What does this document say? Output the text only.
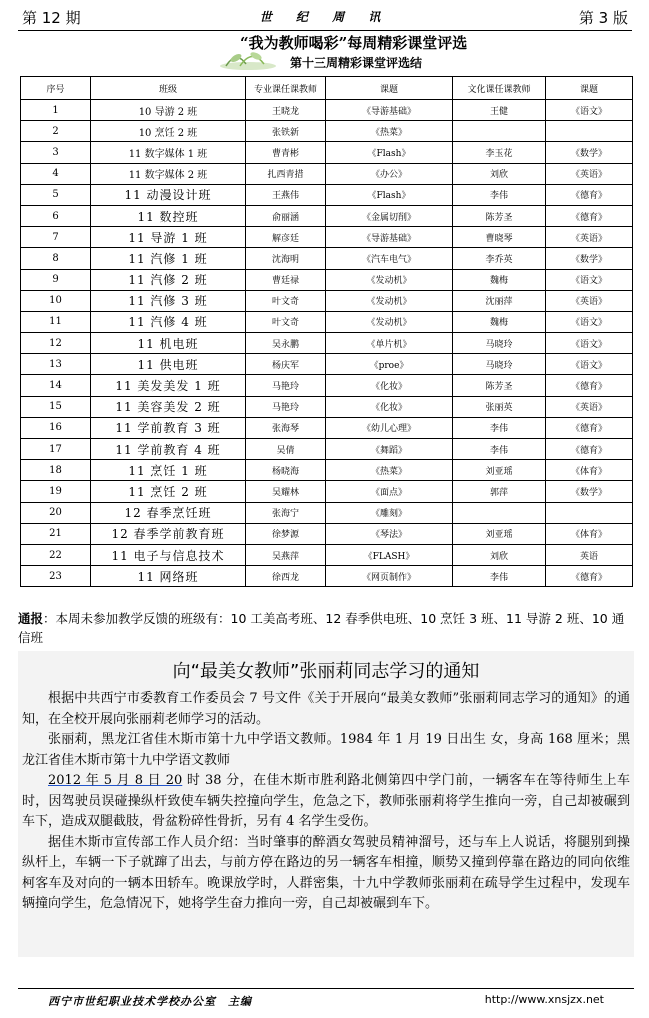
第 12 期	世 纪 周 讯	第 3 版
“我为教师喝彩”每周精彩课堂评选
第十三周精彩课堂评选结
序号	班级	专业课任课教师	课题	文化课任课教师	课题
1	10 导游 2 班	王晓龙	《导游基础》	王健	《语文》
2	10 烹饪 2 班	张铁新	《热菜》		
3	11 数字媒体 1 班	曹青彬	《Flash》	李玉花	《数学》
4	11 数字媒体 2 班	扎西青措	《办公》	刘欣	《英语》
5	11 动漫设计班	王燕伟	《Flash》	李伟	《德育》
6	11 数控班	俞丽涵	《金属切削》	陈芳圣	《德育》
7	11 导游 1 班	解彦廷	《导游基础》	曹晓琴	《英语》
8	11 汽修 1 班	沈海明	《汽车电气》	李乔英	《数学》
9	11 汽修 2 班	曹廷禄	《发动机》	魏梅	《语文》
10	11 汽修 3 班	叶文奇	《发动机》	沈丽萍	《英语》
11	11 汽修 4 班	叶文奇	《发动机》	魏梅	《语文》
12	11 机电班	吴永鹏	《单片机》	马晓玲	《语文》
13	11 供电班	杨庆军	《proe》	马晓玲	《语文》
14	11 美发美发 1 班	马艳玲	《化妆》	陈芳圣	《德育》
15	11 美容美发 2 班	马艳玲	《化妆》	张丽英	《英语》
16	11 学前教育 3 班	张海琴	《幼儿心理》	李伟	《德育》
17	11 学前教育 4 班	吴倩	《舞蹈》	李伟	《德育》
18	11 烹饪 1 班	杨晓海	《热菜》	刘亚瑶	《体育》
19	11 烹饪 2 班	吴耀林	《面点》	郭萍	《数学》
20	12 春季烹饪班	张海宁	《雕刻》		
21	12 春季学前教育班	徐梦源	《琴法》	刘亚瑶	《体育》
22	11 电子与信息技术	吴燕萍	《FLASH》	刘欣	英语
23	11 网络班	徐西龙	《网页制作》	李伟	《德育》
通报：本周未参加教学反馈的班级有：10 工美高考班、12 春季供电班、10 烹饪 3 班、11 导游 2 班、10 通信班
向“最美女教师”张丽莉同志学习的通知

根据中共西宁市委教育工作委员会 7 号文件《关于开展向“最美女教师”张丽莉同志学习的通知》的通知，在全校开展向张丽莉老师学习的活动。

张丽莉，黑龙江省佳木斯市第十九中学语文教师。1984 年 1 月 19 日出生 女，身高 168 厘米；黑龙江省佳木斯市第十九中学语文教师

2012 年 5 月 8 日 20 时 38 分，在佳木斯市胜利路北侧第四中学门前，一辆客车在等待师生上车时，因驾驶员误碰操纵杆致使车辆失控撞向学生，危急之下，教师张丽莉将学生推向一旁，自己却被碾到车下，造成双腿截肢，骨盆粉碎性骨折，另有 4 名学生受伤。

据佳木斯市宣传部工作人员介绍：当时肇事的醉酒女驾驶员精神溜号，还与车上人说话，将腿别到操纵杆上，车辆一下子就蹿了出去，与前方停在路边的另一辆客车相撞，顺势又撞到停靠在路边的同向依维柯客车及对向的一辆本田轿车。晚课放学时，人群密集，十九中学教师张丽莉在疏导学生过程中，发现车辆撞向学生，危急情况下，她将学生奋力推向一旁，自己却被碾到车下。

西宁市世纪职业技术学校办公室　主编	http://www.xnsjzx.net
